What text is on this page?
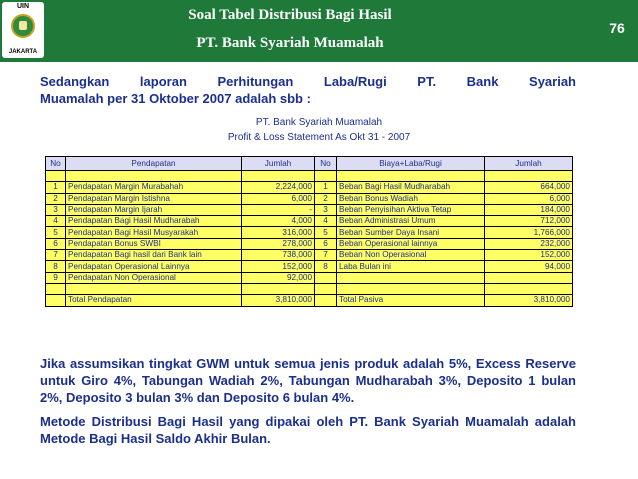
UIN
JAKARTA
Soal Tabel Distribusi Bagi Hasil
PT. Bank Syariah Muamalah
76
Sedangkan laporan Perhitungan Laba/Rugi PT. Bank Syariah
Muamalah per 31 Oktober 2007 adalah sbb :
PT. Bank Syariah Muamalah
Profit & Loss Statement As Okt 31 - 2007
No	Pendapatan	Jumlah	No	Biaya+Laba/Rugi	Jumlah

1	Pendapatan Margin Murabahah	2,224,000	1	Beban Bagi Hasil Mudharabah	664,000
2	Pendapatan Margin Istishna	6,000	2	Beban Bonus Wadiah	6,000
3	Pendapatan Margin Ijarah	-	3	Beban Penyisihan Aktiva Tetap	184,000
4	Pendapatan Bagi Hasil Mudharabah	4,000	4	Beban Administrasi Umum	712,000
5	Pendapatan Bagi Hasil Musyarakah	316,000	5	Beban Sumber Daya Insani	1,766,000
6	Pendapatan Bonus SWBI	278,000	6	Beban Operasional lainnya	232,000
7	Pendapatan Bagi hasil dari Bank lain	738,000	7	Beban Non Operasional	152,000
8	Pendapatan Operasional Lainnya	152,000	8	Laba Bulan ini	94,000
9	Pendapatan Non Operasional	92,000			

	Total Pendapatan	3,810,000		Total Pasiva	3,810,000

Jika assumsikan tingkat GWM untuk semua jenis produk adalah 5%, Excess Reserve untuk Giro 4%, Tabungan Wadiah 2%, Tabungan Mudharabah 3%, Deposito 1 bulan 2%, Deposito 3 bulan 3% dan Deposito 6 bulan 4%.

Metode Distribusi Bagi Hasil yang dipakai oleh PT. Bank Syariah Muamalah adalah Metode Bagi Hasil Saldo Akhir Bulan.
